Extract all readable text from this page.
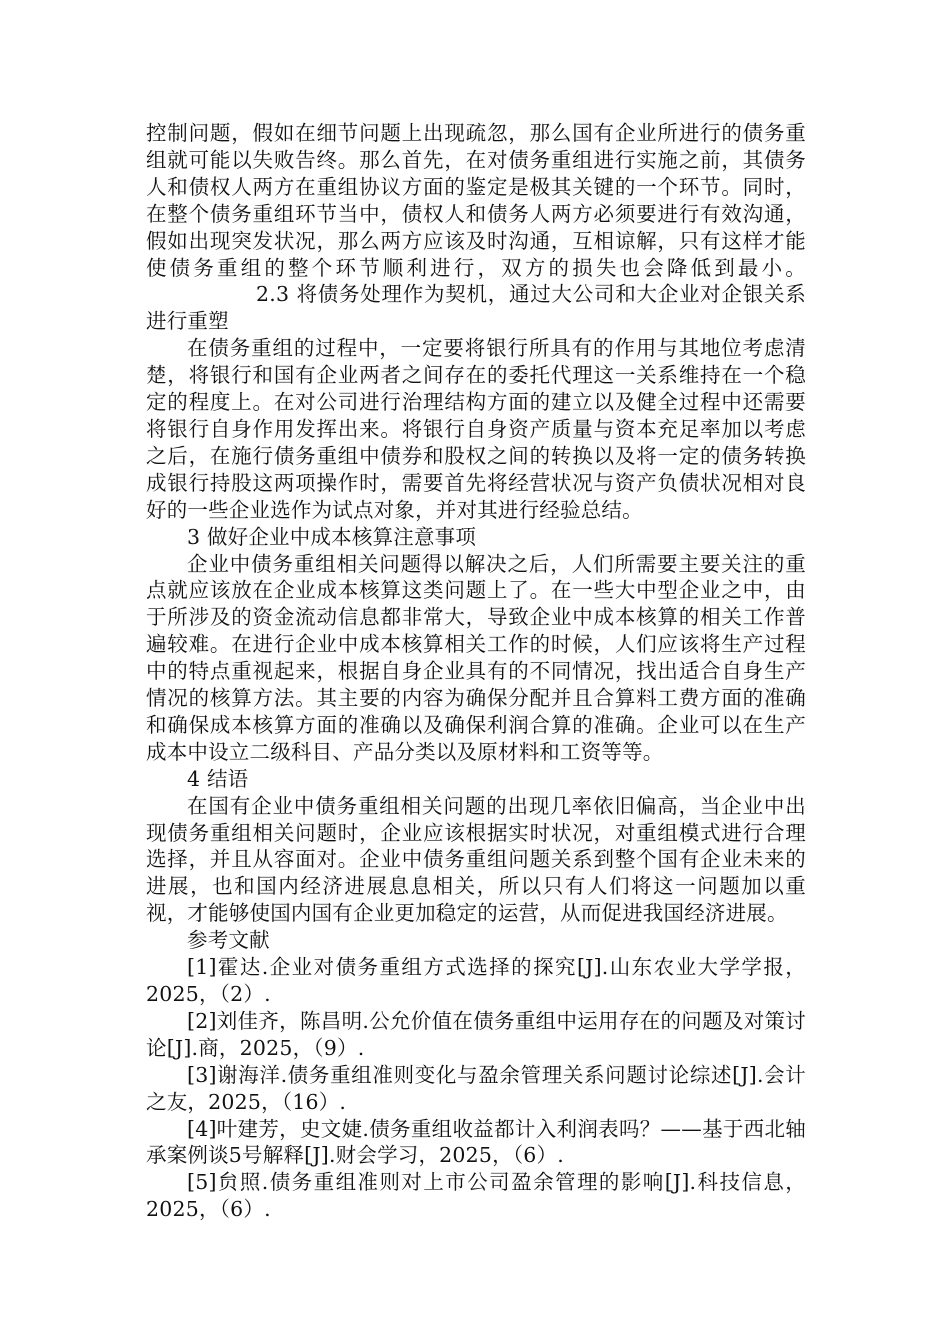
控制问题，假如在细节问题上出现疏忽，那么国有企业所进行的债务重组就可能以失败告终。那么首先，在对债务重组进行实施之前，其债务人和债权人两方在重组协议方面的鉴定是极其关键的一个环节。同时，在整个债务重组环节当中，债权人和债务人两方必须要进行有效沟通，假如出现突发状况，那么两方应该及时沟通，互相谅解，只有这样才能使债务重组的整个环节顺利进行，双方的损失也会降低到最小。2.3 将债务处理作为契机，通过大公司和大企业对企银关系进行重塑

在债务重组的过程中，一定要将银行所具有的作用与其地位考虑清楚，将银行和国有企业两者之间存在的委托代理这一关系维持在一个稳定的程度上。在对公司进行治理结构方面的建立以及健全过程中还需要将银行自身作用发挥出来。将银行自身资产质量与资本充足率加以考虑之后，在施行债务重组中债券和股权之间的转换以及将一定的债务转换成银行持股这两项操作时，需要首先将经营状况与资产负债状况相对良好的一些企业选作为试点对象，并对其进行经验总结。

3 做好企业中成本核算注意事项

企业中债务重组相关问题得以解决之后，人们所需要主要关注的重点就应该放在企业成本核算这类问题上了。在一些大中型企业之中，由于所涉及的资金流动信息都非常大，导致企业中成本核算的相关工作普遍较难。在进行企业中成本核算相关工作的时候，人们应该将生产过程中的特点重视起来，根据自身企业具有的不同情况，找出适合自身生产情况的核算方法。其主要的内容为确保分配并且合算料工费方面的准确和确保成本核算方面的准确以及确保利润合算的准确。企业可以在生产成本中设立二级科目、产品分类以及原材料和工资等等。

4 结语

在国有企业中债务重组相关问题的出现几率依旧偏高，当企业中出现债务重组相关问题时，企业应该根据实时状况，对重组模式进行合理选择，并且从容面对。企业中债务重组问题关系到整个国有企业未来的进展，也和国内经济进展息息相关，所以只有人们将这一问题加以重视，才能够使国内国有企业更加稳定的运营，从而促进我国经济进展。

参考文献

[1]霍达.企业对债务重组方式选择的探究[J].山东农业大学学报，2025，（2）.

[2]刘佳齐，陈昌明.公允价值在债务重组中运用存在的问题及对策讨论[J].商，2025，（9）.

[3]谢海洋.债务重组准则变化与盈余管理关系问题讨论综述[J].会计之友，2025，（16）.

[4]叶建芳，史文婕.债务重组收益都计入利润表吗？——基于西北轴承案例谈5号解释[J].财会学习，2025，（6）.

[5]贠照.债务重组准则对上市公司盈余管理的影响[J].科技信息，2025，（6）.
